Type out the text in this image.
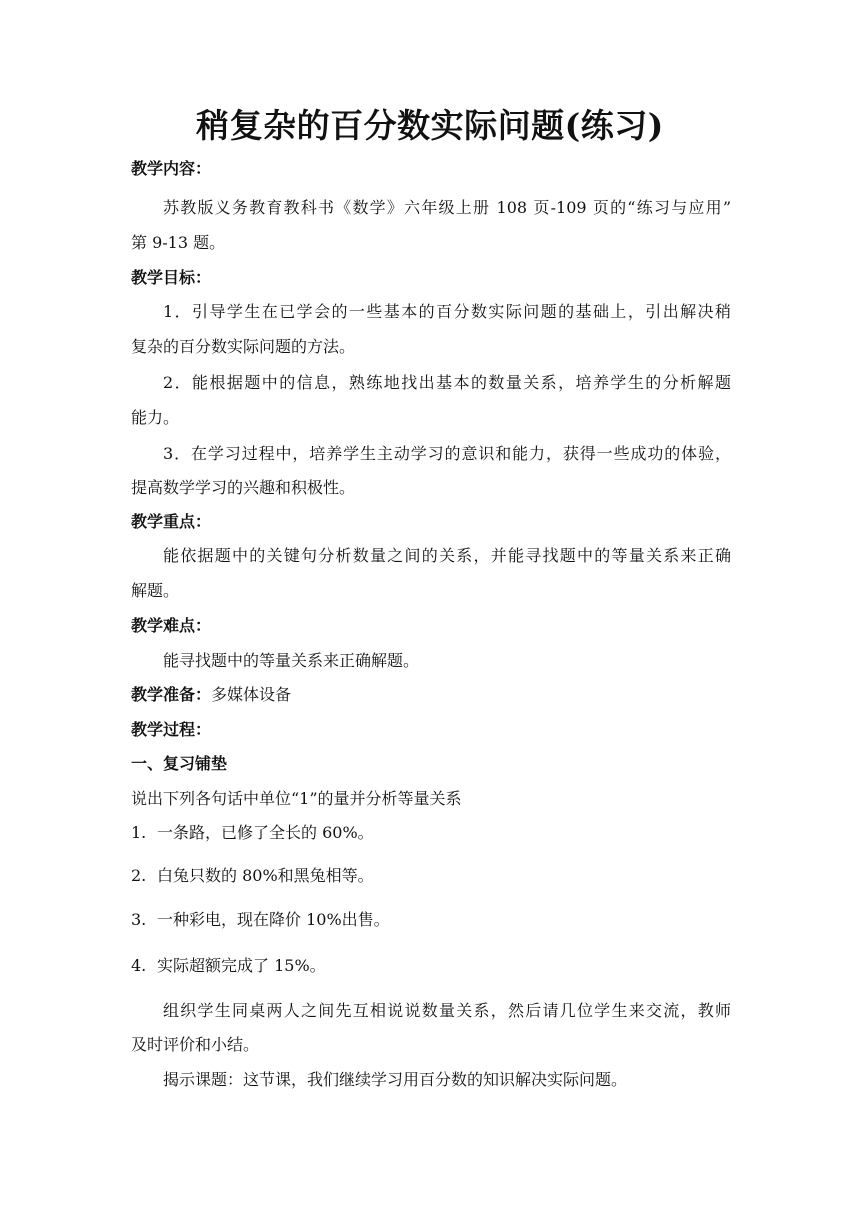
稍复杂的百分数实际问题(练习)
教学内容：
苏教版义务教育教科书《数学》六年级上册 108 页-109 页的“练习与应用”
第 9-13 题。
教学目标：
1．引导学生在已学会的一些基本的百分数实际问题的基础上，引出解决稍
复杂的百分数实际问题的方法。
2．能根据题中的信息，熟练地找出基本的数量关系，培养学生的分析解题
能力。
3．在学习过程中，培养学生主动学习的意识和能力，获得一些成功的体验，
提高数学学习的兴趣和积极性。
教学重点：
能依据题中的关键句分析数量之间的关系，并能寻找题中的等量关系来正确
解题。
教学难点：
能寻找题中的等量关系来正确解题。
教学准备：多媒体设备
教学过程：
一、复习铺垫
说出下列各句话中单位“1”的量并分析等量关系
1. 一条路，已修了全长的 60%。
2. 白兔只数的 80%和黑兔相等。
3. 一种彩电，现在降价 10%出售。
4. 实际超额完成了 15%。
组织学生同桌两人之间先互相说说数量关系，然后请几位学生来交流，教师
及时评价和小结。
揭示课题：这节课，我们继续学习用百分数的知识解决实际问题。
